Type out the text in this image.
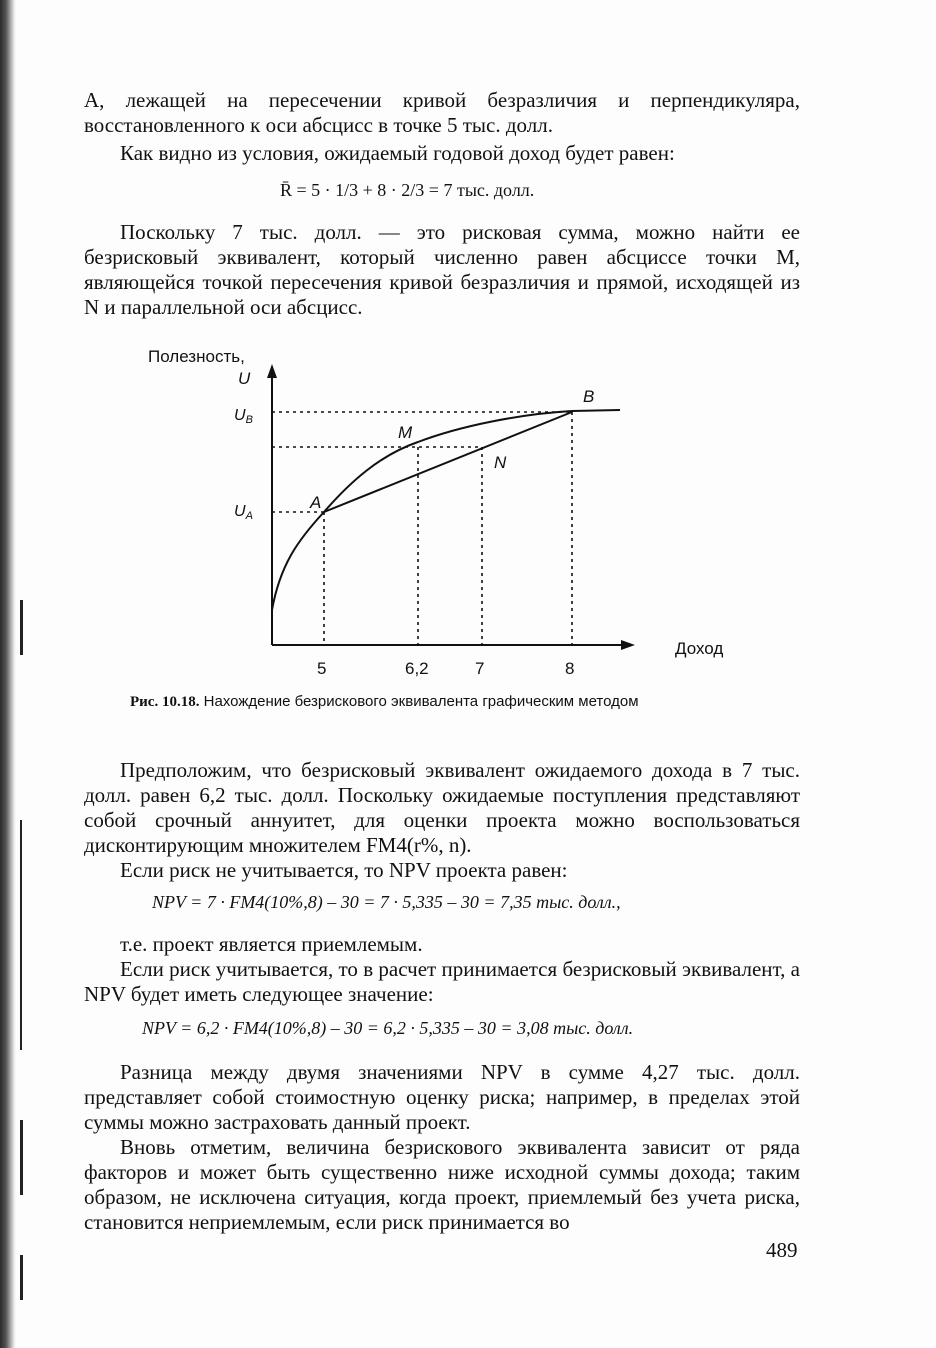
A, лежащей на пересечении кривой безразличия и перпендикуляра, восстановленного к оси абсцисс в точке 5 тыс. долл.

Как видно из условия, ожидаемый годовой доход будет равен:

R̄ = 5 · 1/3 + 8 · 2/3 = 7 тыс. долл.

Поскольку 7 тыс. долл. — это рисковая сумма, можно найти ее безрисковый эквивалент, который численно равен абсциссе точки M, являющейся точкой пересечения кривой безразличия и прямой, исходящей из N и параллельной оси абсцисс.

Полезность,
U
Доход
UB
UA
A
B
M
N
5	6,2	7	8
Рис. 10.18. Нахождение безрискового эквивалента графическим методом

Предположим, что безрисковый эквивалент ожидаемого дохода в 7 тыс. долл. равен 6,2 тыс. долл. Поскольку ожидаемые поступления представляют собой срочный аннуитет, для оценки проекта можно воспользоваться дисконтирующим множителем FM4(r%, n).

Если риск не учитывается, то NPV проекта равен:

NPV = 7 · FM4(10%,8) – 30 = 7 · 5,335 – 30 = 7,35 тыс. долл.,

т.е. проект является приемлемым.

Если риск учитывается, то в расчет принимается безрисковый эквивалент, а NPV будет иметь следующее значение:

NPV = 6,2 · FM4(10%,8) – 30 = 6,2 · 5,335 – 30 = 3,08 тыс. долл.

Разница между двумя значениями NPV в сумме 4,27 тыс. долл. представляет собой стоимостную оценку риска; например, в пределах этой суммы можно застраховать данный проект.

Вновь отметим, величина безрискового эквивалента зависит от ряда факторов и может быть существенно ниже исходной суммы дохода; таким образом, не исключена ситуация, когда проект, приемлемый без учета риска, становится неприемлемым, если риск принимается во

489
